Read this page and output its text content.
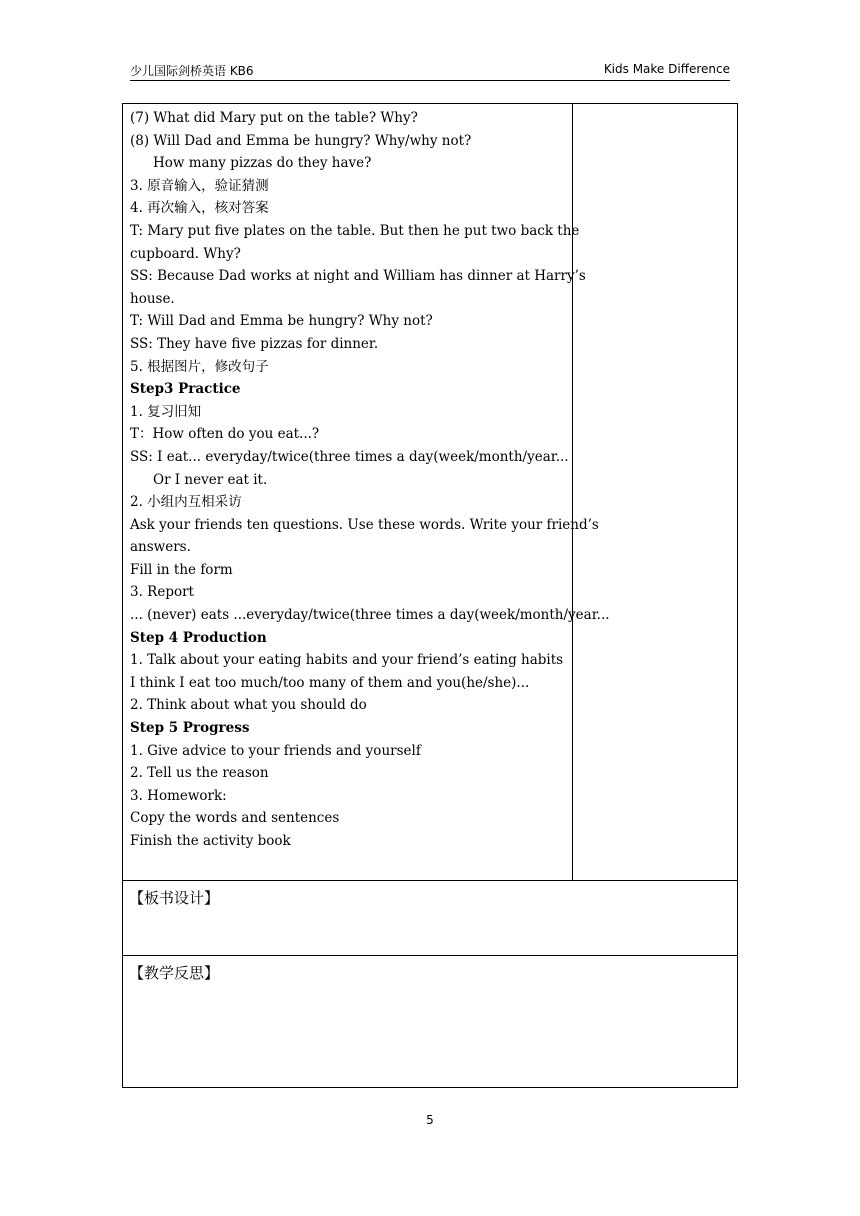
少儿国际剑桥英语 KB6	Kids Make Difference
(7) What did Mary put on the table? Why?
(8) Will Dad and Emma be hungry? Why/why not?
How many pizzas do they have?
3. 原音输入，验证猜测
4. 再次输入，核对答案
T: Mary put five plates on the table. But then he put two back the
cupboard. Why?
SS: Because Dad works at night and William has dinner at Harry’s
house.
T: Will Dad and Emma be hungry? Why not?
SS: They have five pizzas for dinner.
5. 根据图片，修改句子
Step3 Practice
1. 复习旧知
T：How often do you eat...?
SS: I eat... everyday/twice(three times a day(week/month/year...
Or I never eat it.
2. 小组内互相采访
Ask your friends ten questions. Use these words. Write your friend’s
answers.
Fill in the form
3. Report
... (never) eats ...everyday/twice(three times a day(week/month/year...
Step 4 Production
1. Talk about your eating habits and your friend’s eating habits
I think I eat too much/too many of them and you(he/she)...
2. Think about what you should do
Step 5 Progress
1. Give advice to your friends and yourself
2. Tell us the reason
3. Homework:
Copy the words and sentences
Finish the activity book
【板书设计】
【教学反思】
5
